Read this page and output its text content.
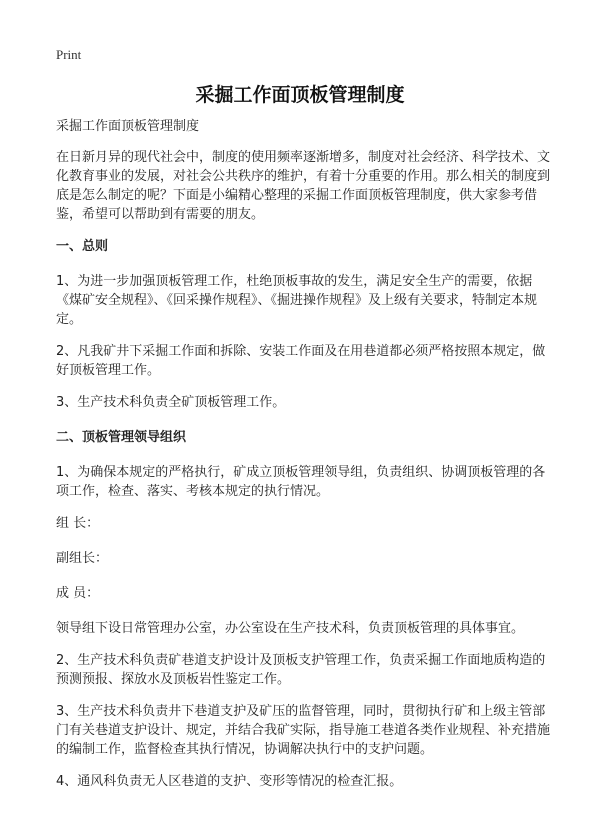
Print
采掘工作面顶板管理制度

采掘工作面顶板管理制度

在日新月异的现代社会中，制度的使用频率逐渐增多，制度对社会经济、科学技术、文化教育事业的发展，对社会公共秩序的维护，有着十分重要的作用。那么相关的制度到底是怎么制定的呢？下面是小编精心整理的采掘工作面顶板管理制度，供大家参考借鉴，希望可以帮助到有需要的朋友。

一、总则

1、为进一步加强顶板管理工作，杜绝顶板事故的发生，满足安全生产的需要，依据《煤矿安全规程》、《回采操作规程》、《掘进操作规程》及上级有关要求，特制定本规定。

2、凡我矿井下采掘工作面和拆除、安装工作面及在用巷道都必须严格按照本规定，做好顶板管理工作。

3、生产技术科负责全矿顶板管理工作。

二、顶板管理领导组织

1、为确保本规定的严格执行，矿成立顶板管理领导组，负责组织、协调顶板管理的各项工作，检查、落实、考核本规定的执行情况。

组 长：

副组长：

成 员：

领导组下设日常管理办公室，办公室设在生产技术科，负责顶板管理的具体事宜。

2、生产技术科负责矿巷道支护设计及顶板支护管理工作，负责采掘工作面地质构造的预测预报、探放水及顶板岩性鉴定工作。

3、生产技术科负责井下巷道支护及矿压的监督管理，同时，贯彻执行矿和上级主管部门有关巷道支护设计、规定，并结合我矿实际，指导施工巷道各类作业规程、补充措施的编制工作，监督检查其执行情况，协调解决执行中的支护问题。

4、通风科负责无人区巷道的支护、变形等情况的检查汇报。
